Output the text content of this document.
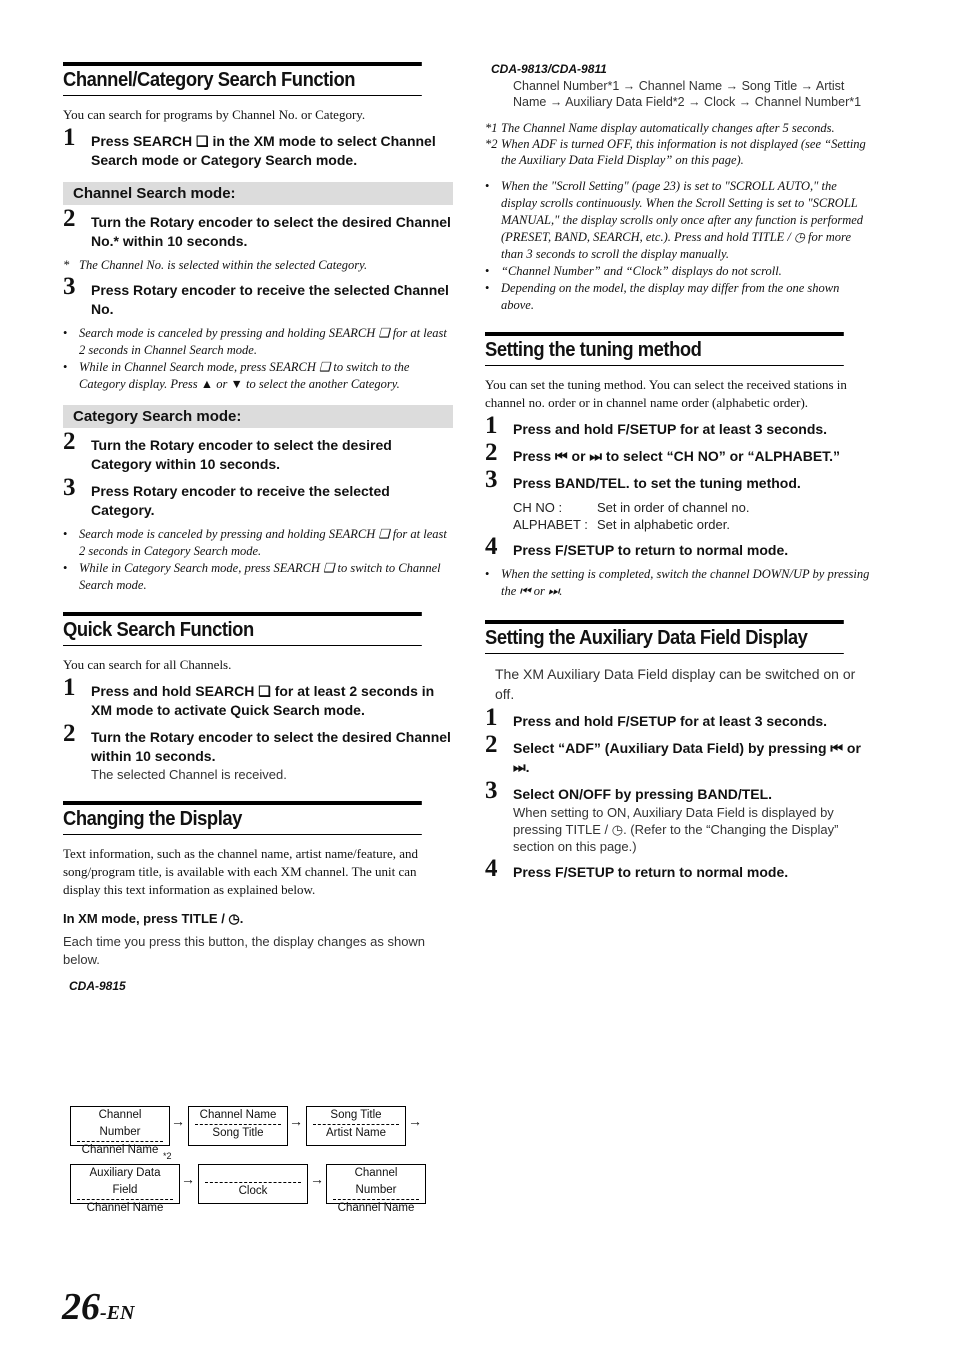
Channel/Category Search Function
You can search for programs by Channel No. or Category.
1 Press SEARCH ❑ in the XM mode to select Channel Search mode or Category Search mode.
Channel Search mode:
2 Turn the Rotary encoder to select the desired Channel No.* within 10 seconds.

* The Channel No. is selected within the selected Category.

3 Press Rotary encoder to receive the selected Channel No.
• Search mode is canceled by pressing and holding SEARCH ❑ for at least 2 seconds in Channel Search mode.
• While in Channel Search mode, press SEARCH ❑ to switch to the Category display. Press ▲ or ▼ to select the another Category.
Category Search mode:
2 Turn the Rotary encoder to select the desired Category within 10 seconds.
3 Press Rotary encoder to receive the selected Category.
• Search mode is canceled by pressing and holding SEARCH ❑ for at least 2 seconds in Category Search mode.
• While in Category Search mode, press SEARCH ❑ to switch to Channel Search mode.
Quick Search Function
You can search for all Channels.
1 Press and hold SEARCH ❑ for at least 2 seconds in XM mode to activate Quick Search mode.
2 Turn the Rotary encoder to select the desired Channel within 10 seconds.
The selected Channel is received.
Changing the Display
Text information, such as the channel name, artist name/feature, and song/program title, is available with each XM channel. The unit can display this text information as explained below.
In XM mode, press TITLE / ◷.
Each time you press this button, the display changes as shown below.
CDA-9815
Channel Number
Channel Name
→	Channel Name
Song Title
→	Song Title
Artist Name
→
*2
Auxiliary Data Field
Channel Name
→
Clock
→	Channel Number
Channel Name
CDA-9813/CDA-9811
Channel Number*1 → Channel Name → Song Title → Artist Name → Auxiliary Data Field*2 → Clock → Channel Number*1

*1 The Channel Name display automatically changes after 5 seconds.

*2 When ADF is turned OFF, this information is not displayed (see “Setting the Auxiliary Data Field Display” on this page).

• When the "Scroll Setting" (page 23) is set to "SCROLL AUTO," the display scrolls continuously. When the Scroll Setting is set to "SCROLL MANUAL," the display scrolls only once after any function is performed (PRESET, BAND, SEARCH, etc.). Press and hold TITLE / ◷ for more than 3 seconds to scroll the display manually.
• “Channel Number” and “Clock” displays do not scroll.
• Depending on the model, the display may differ from the one shown above.
Setting the tuning method
You can set the tuning method. You can select the received stations in channel no. order or in channel name order (alphabetic order).
1 Press and hold F/SETUP for at least 3 seconds.
2 Press ⏮ or ⏭ to select “CH NO” or “ALPHABET.”
3 Press BAND/TEL. to set the tuning method.
CH NO :	Set in order of channel no.
ALPHABET : Set in alphabetic order.
4 Press F/SETUP to return to normal mode.
• When the setting is completed, switch the channel DOWN/UP by pressing the ⏮ or ⏭.
Setting the Auxiliary Data Field Display
The XM Auxiliary Data Field display can be switched on or off.
1 Press and hold F/SETUP for at least 3 seconds.
2 Select “ADF” (Auxiliary Data Field) by pressing ⏮ or ⏭.
3 Select ON/OFF by pressing BAND/TEL.
When setting to ON, Auxiliary Data Field is displayed by pressing TITLE / ◷. (Refer to the “Changing the Display” section on this page.)
4 Press F/SETUP to return to normal mode.
26-EN
